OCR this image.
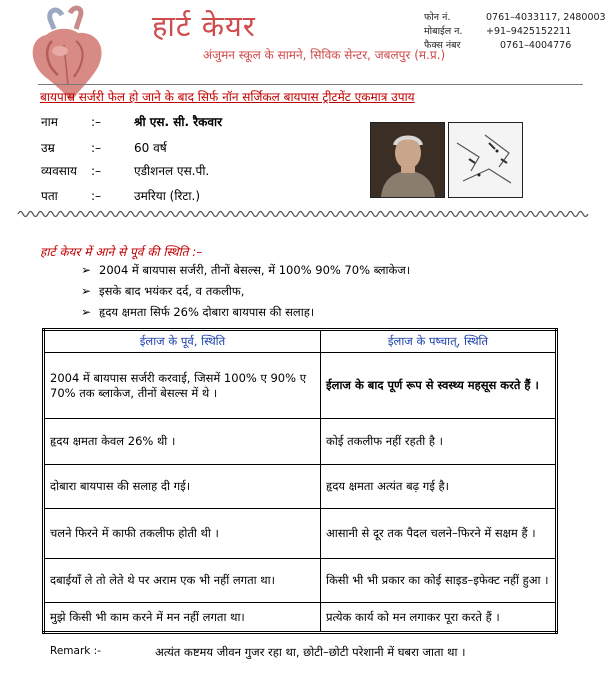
हार्ट केयर
अंजुमन स्कूल के सामने, सिविक सेन्टर, जबलपुर (म.प्र.)
फोन नं.	0761–4033117, 2480003
मोबाईल न. +91–9425152211
फैक्स नंबर	0761–4004776
बायपास सर्जरी फेल हो जाने के बाद सिर्फ नॉन सर्जिकल बायपास ट्रीटमेंट एकमात्र उपाय
नाम	:–	श्री एस. सी. रैकवार
उम्र	:–	60 वर्ष
व्यवसाय :–	एडीशनल एस.पी.
पता	:–	उमरिया (रिटा.)
हार्ट केयर में आने से पूर्व की स्थिति :–
➢ 2004 में बायपास सर्जरी, तीनों बेसल्स, में 100% 90% 70% ब्लाकेज।
➢ इसके बाद भयंकर दर्द, व तकलीफ,
➢ हृदय क्षमता सिर्फ 26% दोबारा बायपास की सलाह।
ईलाज के पूर्व, स्थिति	ईलाज के पष्चात्, स्थिति
2004 में बायपास सर्जरी करवाई, जिसमें 100% ए 90% ए 70% तक ब्लाकेज, तीनों बेसल्स में थे ।	ईलाज के बाद पूर्ण रूप से स्वस्थ्य महसूस करते हैं ।
हृदय क्षमता केवल 26% थी ।	कोई तकलीफ नहीं रहती है ।
दोबारा बायपास की सलाह दी गई।	हृदय क्षमता अत्यंत बढ़ गई है।
चलने फिरने में काफी तकलीफ होती थी ।	आसानी से दूर तक पैदल चलने–फिरने में सक्षम हैं ।
दबाईयाँ ले तो लेते थे पर अराम एक भी नहीं लगता था।	किसी भी भी प्रकार का कोई साइड–इफेक्ट नहीं हुआ ।
मुझे किसी भी काम करने में मन नहीं लगता था।	प्रत्येक कार्य को मन लगाकर पूरा करते हैं ।
Remark :-	अत्यंत कष्टमय जीवन गुजर रहा था, छोटी–छोटी परेशानी में घबरा जाता था ।
